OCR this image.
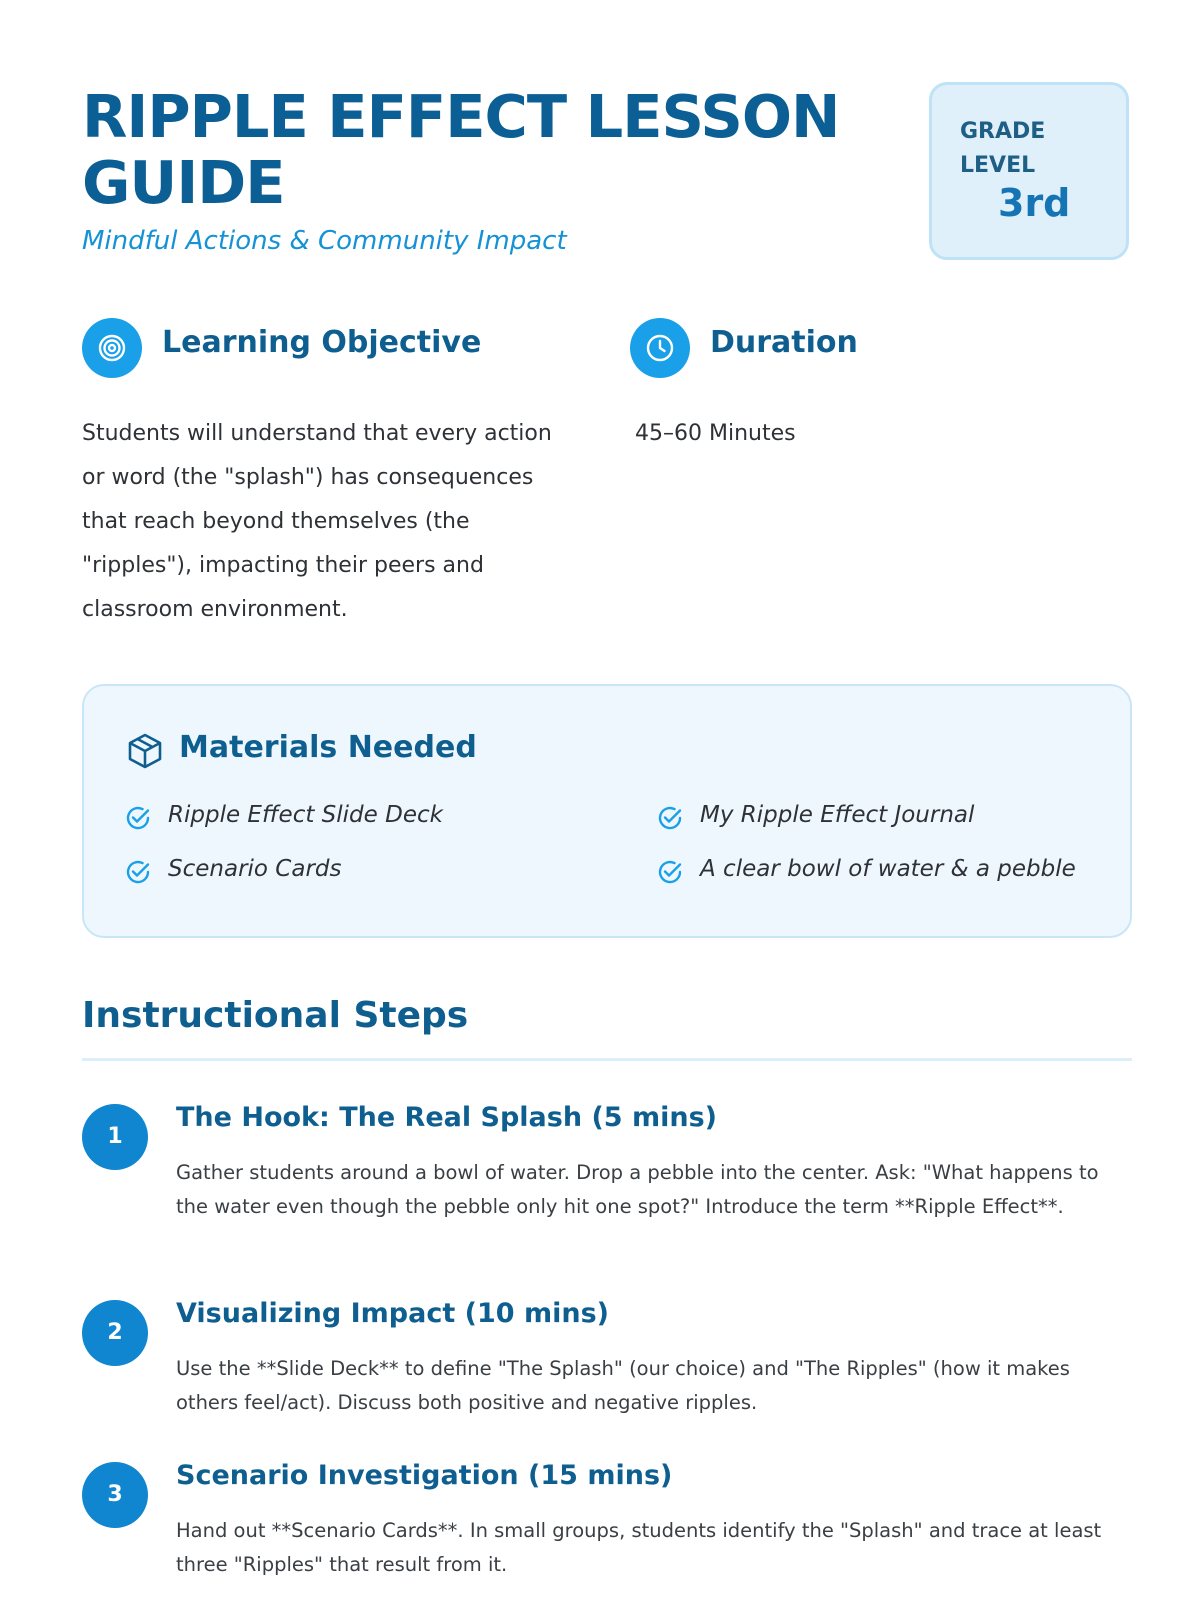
RIPPLE EFFECT LESSON GUIDE
Mindful Actions & Community Impact
GRADE LEVEL
3rd
Learning Objective
Students will understand that every action or word (the "splash") has consequences that reach beyond themselves (the "ripples"), impacting their peers and classroom environment.
Duration
45–60 Minutes
Materials Needed
Ripple Effect Slide Deck	My Ripple Effect Journal
Scenario Cards	A clear bowl of water & a pebble
Instructional Steps
1
The Hook: The Real Splash (5 mins)
Gather students around a bowl of water. Drop a pebble into the center. Ask: "What happens to the water even though the pebble only hit one spot?" Introduce the term **Ripple Effect**.
2
Visualizing Impact (10 mins)
Use the **Slide Deck** to define "The Splash" (our choice) and "The Ripples" (how it makes others feel/act). Discuss both positive and negative ripples.
3
Scenario Investigation (15 mins)
Hand out **Scenario Cards**. In small groups, students identify the "Splash" and trace at least three "Ripples" that result from it.
